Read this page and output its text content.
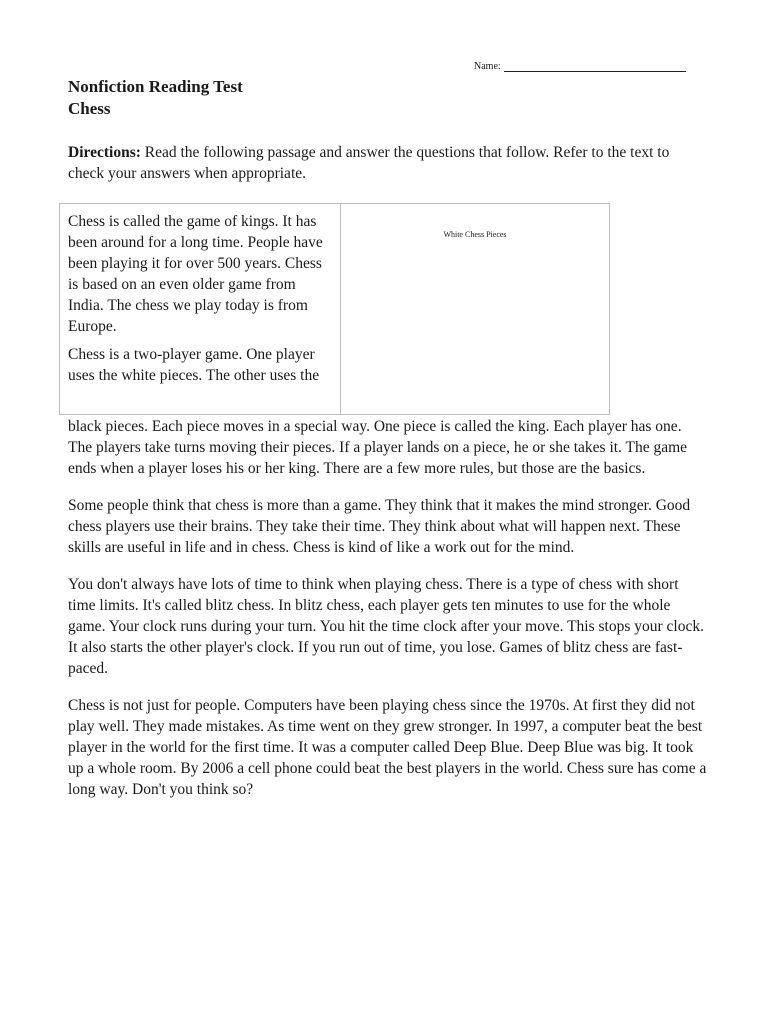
Name:
Nonfiction Reading Test
Chess
Directions: Read the following passage and answer the questions that follow. Refer to the text to check your answers when appropriate.

Chess is called the game of kings. It has been around for a long time. People have been playing it for over 500 years. Chess is based on an even older game from India. The chess we play today is from Europe.

Chess is a two-player game. One player uses the white pieces. The other uses the

White Chess Pieces

black pieces. Each piece moves in a special way. One piece is called the king. Each player has one. The players take turns moving their pieces. If a player lands on a piece, he or she takes it. The game ends when a player loses his or her king. There are a few more rules, but those are the basics.

Some people think that chess is more than a game. They think that it makes the mind stronger. Good chess players use their brains. They take their time. They think about what will happen next. These skills are useful in life and in chess. Chess is kind of like a work out for the mind.

You don't always have lots of time to think when playing chess. There is a type of chess with short time limits. It's called blitz chess. In blitz chess, each player gets ten minutes to use for the whole game. Your clock runs during your turn. You hit the time clock after your move. This stops your clock. It also starts the other player's clock. If you run out of time, you lose. Games of blitz chess are fast-paced.

Chess is not just for people. Computers have been playing chess since the 1970s. At first they did not play well. They made mistakes. As time went on they grew stronger. In 1997, a computer beat the best player in the world for the first time. It was a computer called Deep Blue. Deep Blue was big. It took up a whole room. By 2006 a cell phone could beat the best players in the world. Chess sure has come a long way. Don't you think so?
